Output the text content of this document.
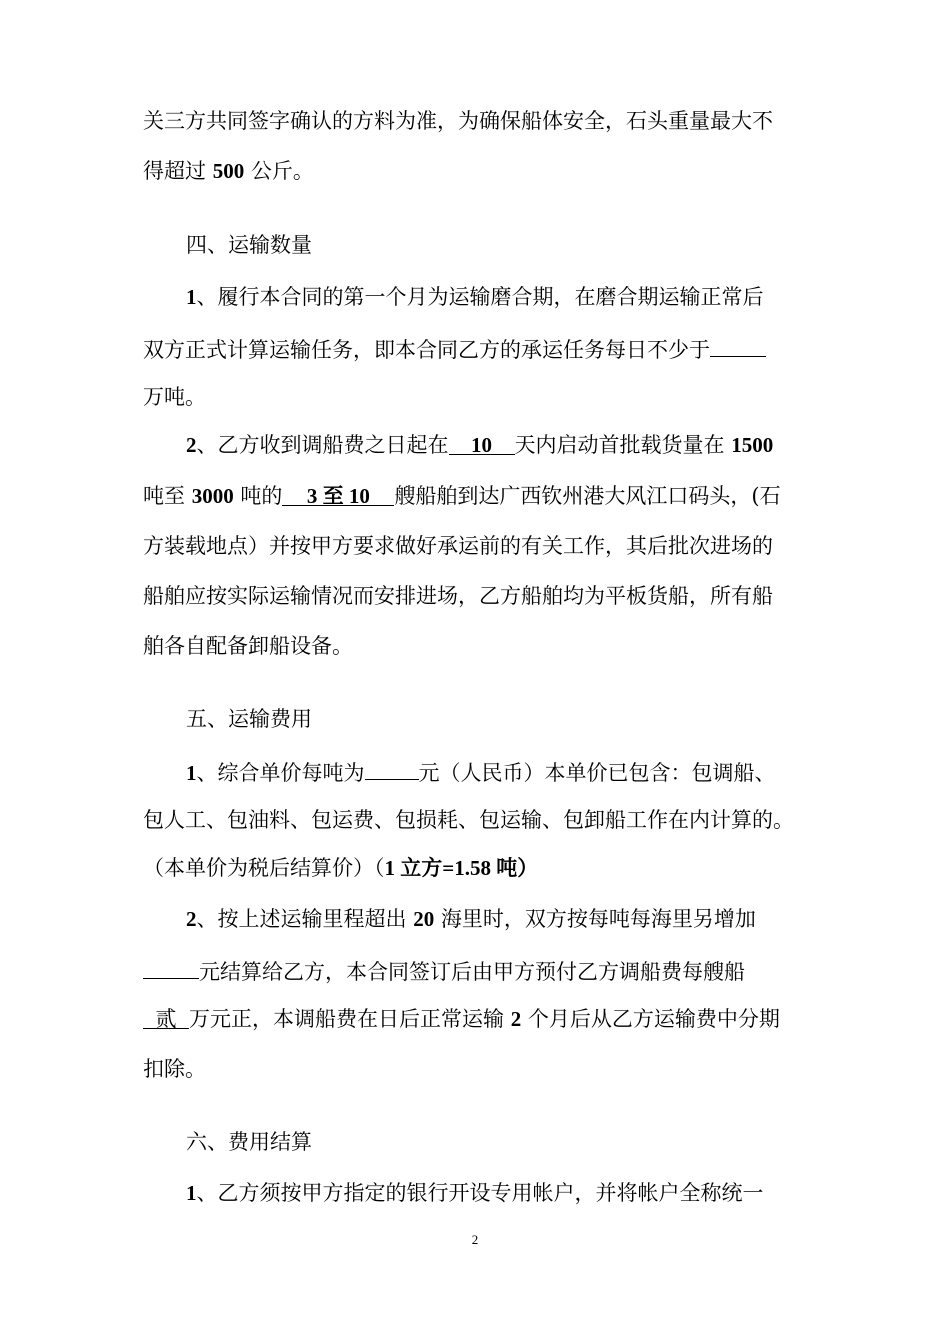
关三方共同签字确认的方料为准，为确保船体安全，石头重量最大不
得超过 500 公斤。
四、运输数量
1、履行本合同的第一个月为运输磨合期，在磨合期运输正常后
双方正式计算运输任务，即本合同乙方的承运任务每日不少于
万吨。
2、乙方收到调船费之日起在 10 天内启动首批载货量在 1500
吨至 3000 吨的 3 至 10 艘船舶到达广西钦州港大风江口码头，(石
方装载地点）并按甲方要求做好承运前的有关工作，其后批次进场的
船舶应按实际运输情况而安排进场，乙方船舶均为平板货船，所有船
舶各自配备卸船设备。
五、运输费用
1、综合单价每吨为	元（人民币）本单价已包含：包调船、
包人工、包油料、包运费、包损耗、包运输、包卸船工作在内计算的。
（本单价为税后结算价）（1 立方=1.58 吨）
2、按上述运输里程超出 20 海里时，双方按每吨每海里另增加
元结算给乙方，本合同签订后由甲方预付乙方调船费每艘船
贰 万元正，本调船费在日后正常运输 2 个月后从乙方运输费中分期
扣除。
六、费用结算
1、乙方须按甲方指定的银行开设专用帐户，并将帐户全称统一
2
